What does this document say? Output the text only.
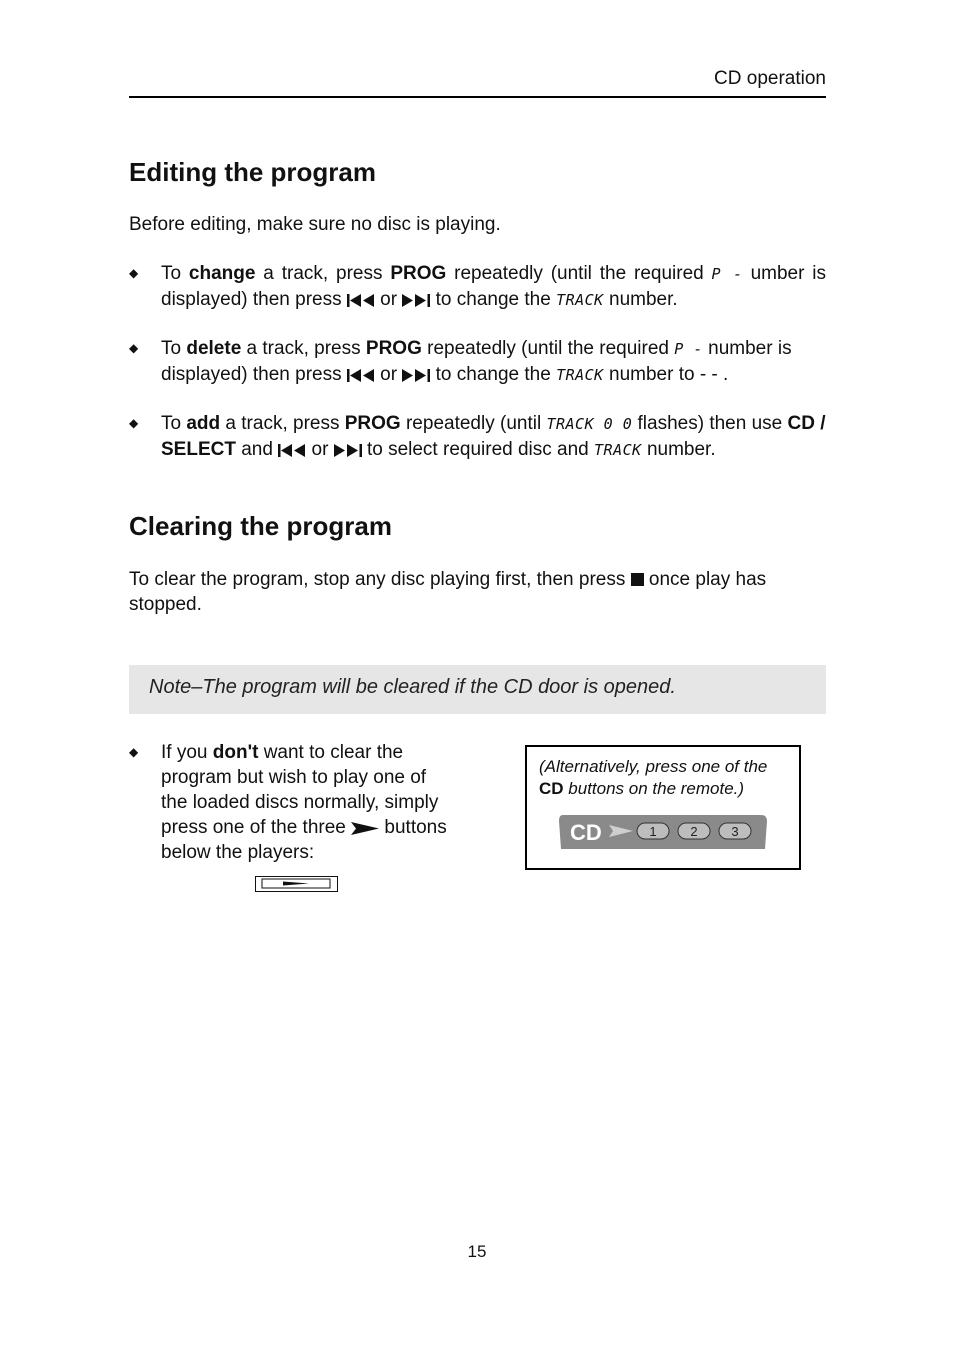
CD operation
Editing the program
Before editing, make sure no disc is playing.
◆ To change a track, press PROG repeatedly (until the required P - umber is displayed) then press  or  to change the TRACK number.
◆ To delete a track, press PROG repeatedly (until the required P - number is displayed) then press  or  to change the TRACK number to - - .
◆ To add a track, press PROG repeatedly (until TRACK 0 0 flashes) then use CD / SELECT and  or  to select required disc and TRACK number.
Clearing the program
To clear the program, stop any disc playing first, then press  once play has stopped.
Note–The program will be cleared if the CD door is opened.
◆ If you don't want to clear the program but wish to play one of the loaded discs normally, simply press one of the three  buttons below the players:
(Alternatively, press one of the CD buttons on the remote.)
CD	1	2	3
15
